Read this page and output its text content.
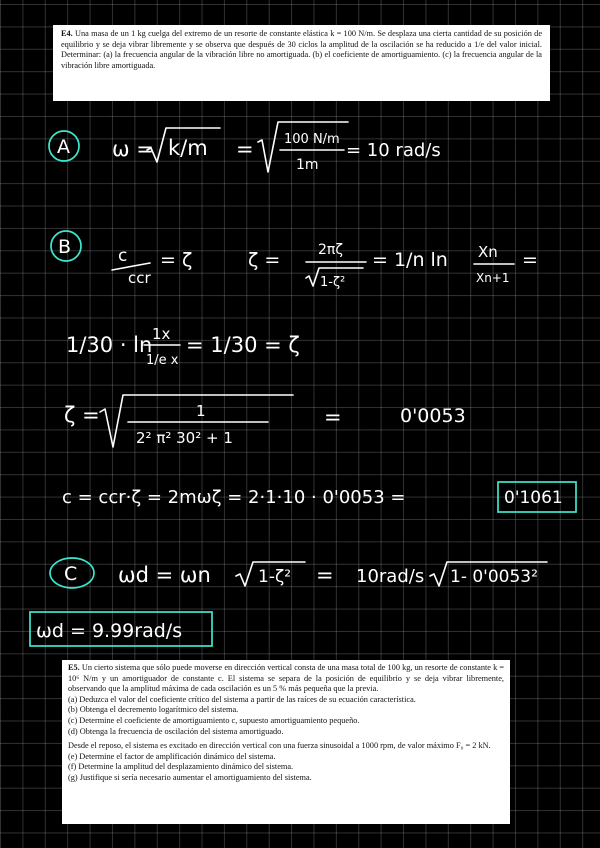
E4. Una masa de un 1 kg cuelga del extremo de un resorte de constante elástica k = 100 N/m. Se desplaza una cierta cantidad de su posición de equilibrio y se deja vibrar libremente y se observa que después de 30 ciclos la amplitud de la oscilación se ha reducido a 1/e del valor inicial. Determinar: (a) la frecuencia angular de la vibración libre no amortiguada. (b) el coeficiente de amortiguamiento. (c) la frecuencia angular de la vibración libre amortiguada.

A ω = k/m = 100 N/m
1m
= 10 rad/s
B	c
ccr
= ζ	ζ =	2πζ
1-ζ²
= 1/n ln Xn
Xn+1
=
1/30 · ln 1x
1/e x
= 1/30 = ζ
ζ =	1
2² π² 30² + 1
=	0'0053
c = ccr·ζ = 2mωζ = 2·1·10 · 0'0053 =	0'1061
C ωd = ωn	1-ζ² = 10rad/s 1- 0'0053²
ωd = 9.99rad/s

E5. Un cierto sistema que sólo puede moverse en dirección vertical consta de una masa total de 100 kg, un resorte de constante k = 10⁶ N/m y un amortiguador de constante c. El sistema se separa de la posición de equilibrio y se deja vibrar libremente, observando que la amplitud máxima de cada oscilación es un 5 % más pequeña que la previa.

(a) Deduzca el valor del coeficiente crítico del sistema a partir de las raíces de su ecuación característica.

(b) Obtenga el decremento logarítmico del sistema.

(c) Determine el coeficiente de amortiguamiento c, supuesto amortiguamiento pequeño.

(d) Obtenga la frecuencia de oscilación del sistema amortiguado.

Desde el reposo, el sistema es excitado en dirección vertical con una fuerza sinusoidal a 1000 rpm, de valor máximo F₀ = 2 kN.

(e) Determine el factor de amplificación dinámico del sistema.

(f) Determine la amplitud del desplazamiento dinámico del sistema.

(g) Justifique si sería necesario aumentar el amortiguamiento del sistema.
